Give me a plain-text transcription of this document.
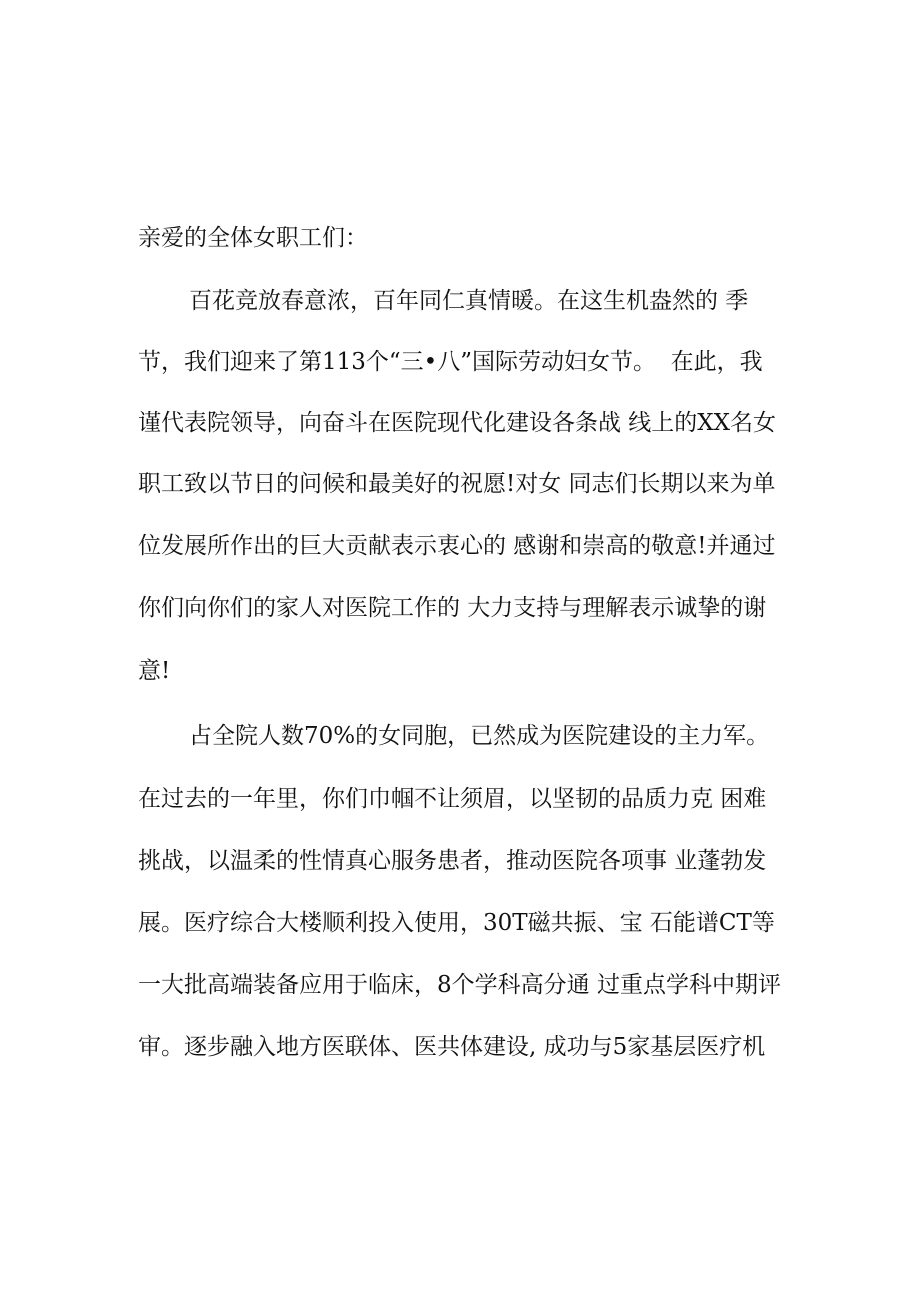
亲爱的全体女职工们：

百花竞放春意浓，百年同仁真情暖。在这生机盎然的 季

节，我们迎来了第113个“三•八”国际劳动妇女节。  在此，我

谨代表院领导，向奋斗在医院现代化建设各条战 线上的XX名女

职工致以节日的问候和最美好的祝愿!对女 同志们长期以来为单

位发展所作出的巨大贡献表示衷心的 感谢和崇高的敬意!并通过

你们向你们的家人对医院工作的 大力支持与理解表示诚挚的谢

意!

占全院人数70%的女同胞，已然成为医院建设的主力军。

在过去的一年里，你们巾帼不让须眉，以坚韧的品质力克 困难

挑战，以温柔的性情真心服务患者，推动医院各项事 业蓬勃发

展。医疗综合大楼顺利投入使用，30T磁共振、宝 石能谱CT等

一大批高端装备应用于临床，8个学科高分通 过重点学科中期评

审。逐步融入地方医联体、医共体建设, 成功与5家基层医疗机
